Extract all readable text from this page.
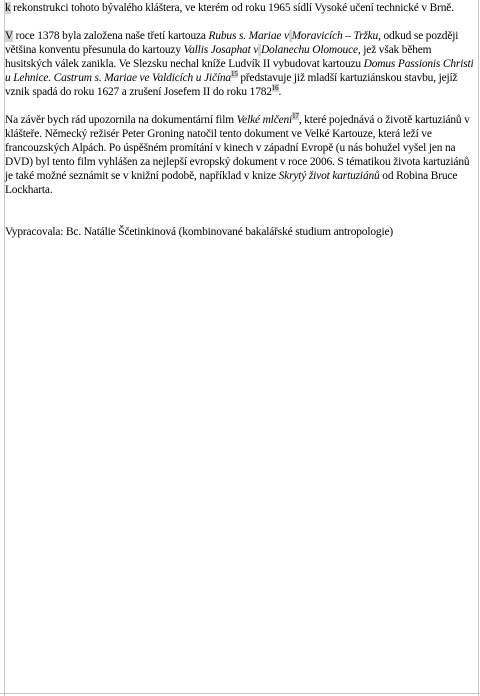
k rekonstrukci tohoto bývalého kláštera, ve kterém od roku 1965 sídlí Vysoké učení technické v Brně.

V roce 1378 byla založena naše třetí kartouza Rubus s. Mariae v Moravicích – Tržku, odkud se později většina konventu přesunula do kartouzy Vallis Josaphat v Dolanechu Olomouce, jež však během husitských válek zanikla. Ve Slezsku nechal kníže Ludvík II vybudovat kartouzu Domus Passionis Christi u Lehnice. Castrum s. Mariae ve Valdicích u Jičína$^{15}$ představuje již mladší kartuziánskou stavbu, jejíž vznik spadá do roku 1627 a zrušení Josefem II do roku 1782$^{16}$.

Na závěr bych rád upozornila na dokumentární film Velké mlčení$^{17}$, které pojednává o životě kartuziánů v klášteře. Německý režisér Peter Groning natočil tento dokument ve Velké Kartouze, která leží ve francouzských Alpách. Po úspěšném promítání v kinech v západní Evropě (u nás bohužel vyšel jen na DVD) byl tento film vyhlášen za nejlepší evropský dokument v roce 2006. S tématikou života kartuziánů je také možné seznámit se v knižní podobě, například v knize Skrytý život kartuziánů od Robina Bruce Lockharta.

Vypracovala: Bc. Natálie Ščetinkinová (kombinované bakalářské studium antropologie)
